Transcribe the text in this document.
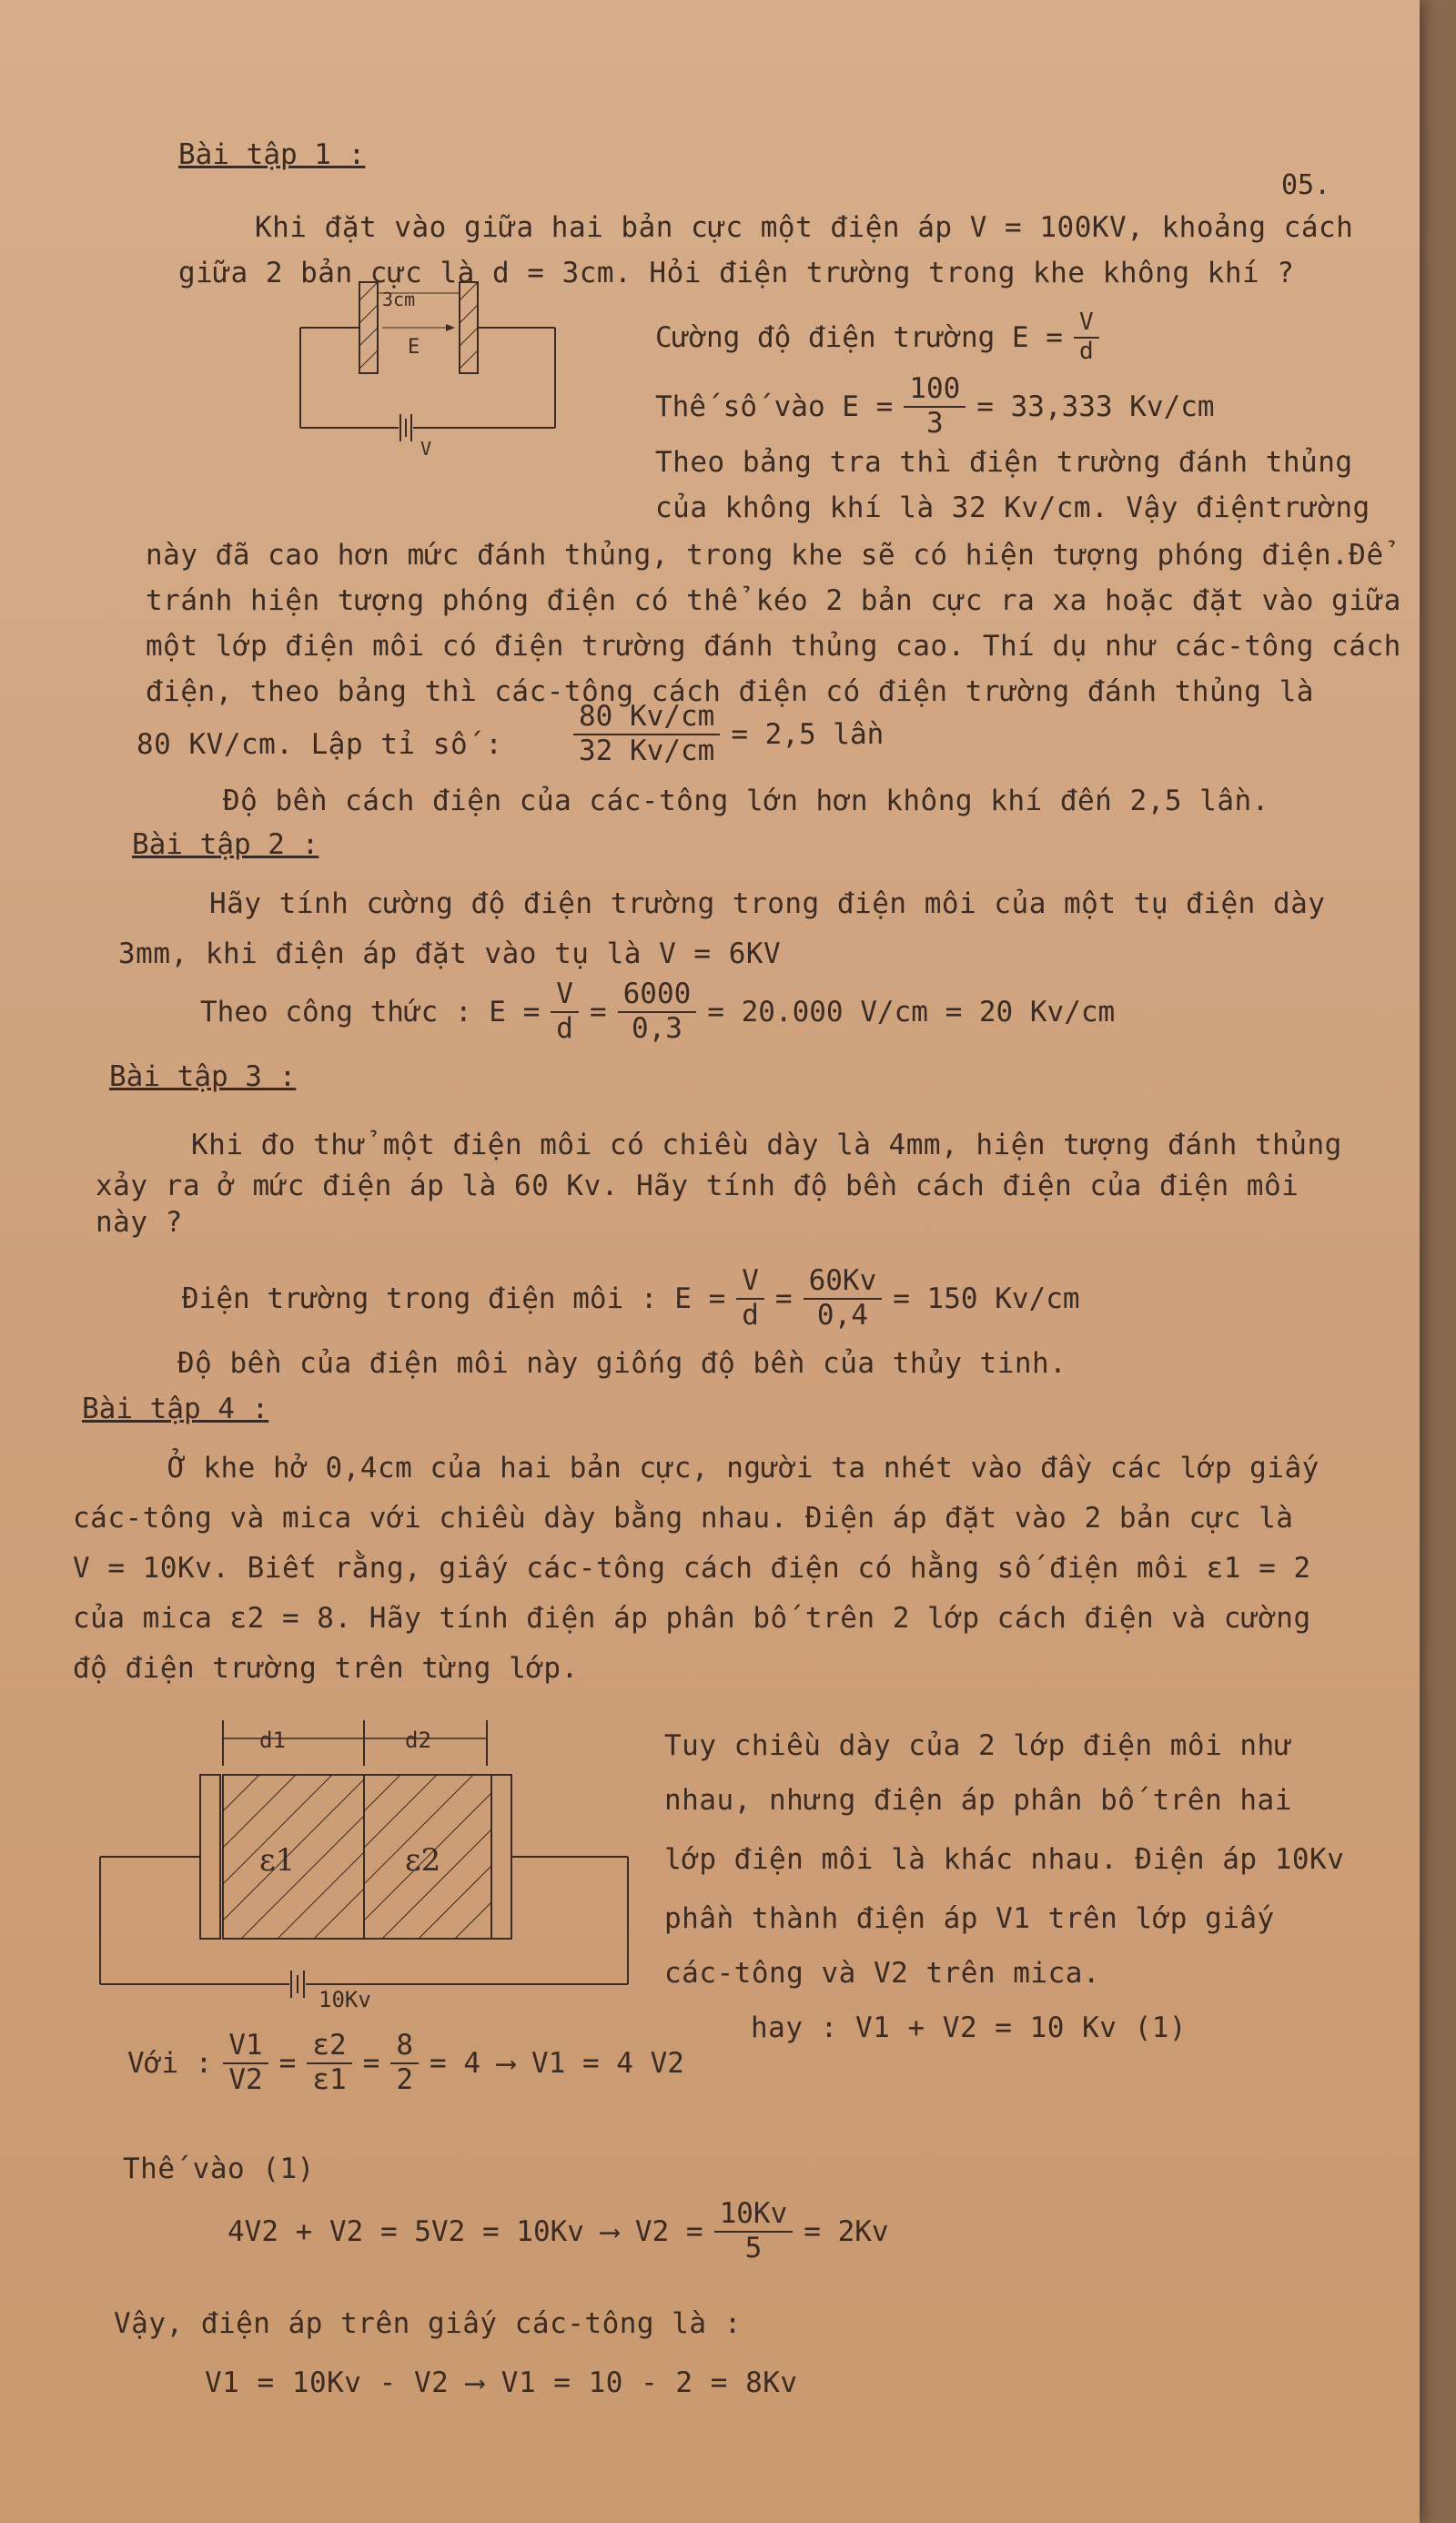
05.
Bài tập 1 :
Khi đặt vào giữa hai bản cực một điện áp V = 100KV, khoảng cách
giữa 2 bản cực là d = 3cm. Hỏi điện trường trong khe không khí ?
3cm
E
V
Cường độ điện trường $E = \frac{V}{d}$
Thế số vào $E = \frac{100}{3} = 33,333$ Kv/cm
Theo bảng tra thì điện trường đánh thủng
của không khí là 32 Kv/cm. Vậy điệntrường
này đã cao hơn mức đánh thủng, trong khe sẽ có hiện tượng phóng điện.Để
tránh hiện tượng phóng điện có thể kéo 2 bản cực ra xa hoặc đặt vào giữa
một lớp điện môi có điện trường đánh thủng cao. Thí dụ như các-tông cách
điện, theo bảng thì các-tông cách điện có điện trường đánh thủng là
80 KV/cm. Lập tỉ số :	$\frac{80 Kv/cm}{32 Kv/cm} = 2,5$ lần
Độ bền cách điện của các-tông lớn hơn không khí đến 2,5 lần.
Bài tập 2 :
Hãy tính cường độ điện trường trong điện môi của một tụ điện dày
3mm, khi điện áp đặt vào tụ là V = 6KV
Theo công thức : $E = \frac{V}{d} = \frac{6000}{0,3} = 20.000$ V/cm = 20 Kv/cm
Bài tập 3 :
Khi đo thử một điện môi có chiều dày là 4mm, hiện tượng đánh thủng
xảy ra ở mức điện áp là 60 Kv. Hãy tính độ bền cách điện của điện môi
này ?
Điện trường trong điện môi : $E = \frac{V}{d} = \frac{60Kv}{0,4} = 150$ Kv/cm
Độ bền của điện môi này giống độ bền của thủy tinh.
Bài tập 4 :
Ở khe hở 0,4cm của hai bản cực, người ta nhét vào đầy các lớp giấy
các-tông và mica với chiều dày bằng nhau. Điện áp đặt vào 2 bản cực là
V = 10Kv. Biết rằng, giấy các-tông cách điện có hằng số điện môi ε1 = 2
của mica ε2 = 8. Hãy tính điện áp phân bố trên 2 lớp cách điện và cường
độ điện trường trên từng lớp.
d1	d2
ε1	ε2
10Kv
Tuy chiều dày của 2 lớp điện môi như
nhau, nhưng điện áp phân bố trên hai
lớp điện môi là khác nhau. Điện áp 10Kv
phần thành điện áp V1 trên lớp giấy
các-tông và V2 trên mica.
hay : V1 + V2 = 10 Kv (1)
Với : $\frac{V1}{V2} = \frac{\varepsilon 2}{\varepsilon 1} = \frac{8}{2} = 4$ ⟶ V1 = 4 V2
Thế vào (1)
4V2 + V2 = 5V2 = 10Kv ⟶ $V2 = \frac{10Kv}{5} = 2Kv$
Vậy, điện áp trên giấy các-tông là :
V1 = 10Kv - V2 ⟶ V1 = 10 - 2 = 8Kv
